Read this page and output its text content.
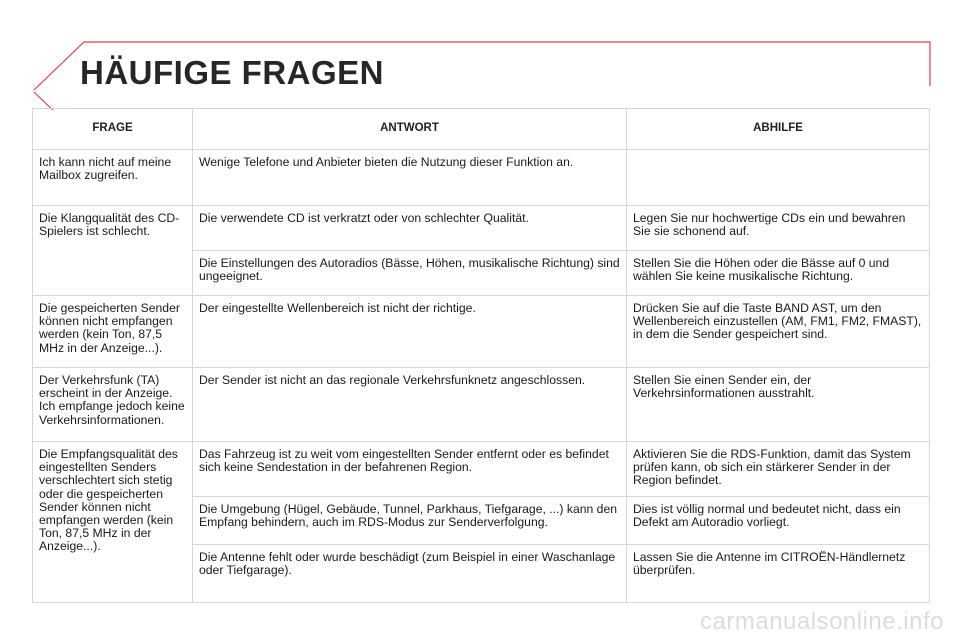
HÄUFIGE FRAGEN
FRAGE	ANTWORT	ABHILFE
Ich kann nicht auf meine Mailbox zugreifen.	Wenige Telefone und Anbieter bieten die Nutzung dieser Funktion an.	
Die Klangqualität des CD-Spielers ist schlecht.	Die verwendete CD ist verkratzt oder von schlechter Qualität.	Legen Sie nur hochwertige CDs ein und bewahren Sie sie schonend auf.
	Die Einstellungen des Autoradios (Bässe, Höhen, musikalische Richtung) sind ungeeignet.	Stellen Sie die Höhen oder die Bässe auf 0 und wählen Sie keine musikalische Richtung.
Die gespeicherten Sender können nicht empfangen werden (kein Ton, 87,5 MHz in der Anzeige...).	Der eingestellte Wellenbereich ist nicht der richtige.	Drücken Sie auf die Taste BAND AST, um den Wellenbereich einzustellen (AM, FM1, FM2, FMAST), in dem die Sender gespeichert sind.
Der Verkehrsfunk (TA) erscheint in der Anzeige. Ich empfange jedoch keine Verkehrsinformationen.	Der Sender ist nicht an das regionale Verkehrsfunknetz angeschlossen.	Stellen Sie einen Sender ein, der Verkehrsinformationen ausstrahlt.
Die Empfangsqualität des eingestellten Senders verschlechtert sich stetig oder die gespeicherten Sender können nicht empfangen werden (kein Ton, 87,5 MHz in der Anzeige...).	Das Fahrzeug ist zu weit vom eingestellten Sender entfernt oder es befindet sich keine Sendestation in der befahrenen Region.	Aktivieren Sie die RDS-Funktion, damit das System prüfen kann, ob sich ein stärkerer Sender in der Region befindet.
	Die Umgebung (Hügel, Gebäude, Tunnel, Parkhaus, Tiefgarage, ...) kann den Empfang behindern, auch im RDS-Modus zur Senderverfolgung.	Dies ist völlig normal und bedeutet nicht, dass ein Defekt am Autoradio vorliegt.
	Die Antenne fehlt oder wurde beschädigt (zum Beispiel in einer Waschanlage oder Tiefgarage).	Lassen Sie die Antenne im CITROËN-Händlernetz überprüfen.
carmanualsonline.info
